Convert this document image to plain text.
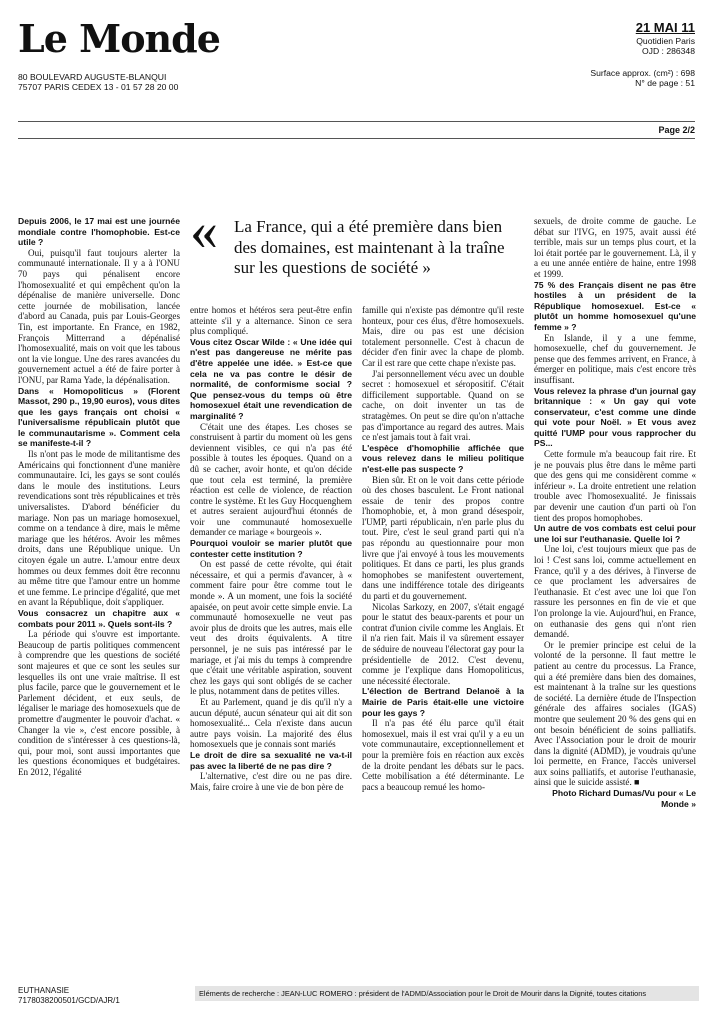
Le Monde
80 BOULEVARD AUGUSTE-BLANQUI
75707 PARIS CEDEX 13 - 01 57 28 20 00
21 MAI 11
Quotidien Paris
OJD : 286348
Surface approx. (cm²) : 698
N° de page : 51
Page 2/2
« La France, qui a été première dans bien des domaines, est maintenant à la traîne sur les questions de société »

Depuis 2006, le 17 mai est une journée mondiale contre l'homophobie. Est-ce utile ?

Oui, puisqu'il faut toujours alerter la communauté internationale. Il y a à l'ONU 70 pays qui pénalisent encore l'homosexualité et qui empêchent qu'on la dépénalise de manière universelle. Donc cette journée de mobilisation, lancée d'abord au Canada, puis par Louis-Georges Tin, est importante. En France, en 1982, François Mitterrand a dépénalisé l'homosexualité, mais on voit que les tabous ont la vie longue. Une des rares avancées du gouvernement actuel a été de faire porter à l'ONU, par Rama Yade, la dépénalisation.

Dans « Homopoliticus » (Florent Massot, 290 p., 19,90 euros), vous dites que les gays français ont choisi « l'universalisme républicain plutôt que le communautarisme ». Comment cela se manifeste-t-il ?

Ils n'ont pas le mode de militantisme des Américains qui fonctionnent d'une manière communautaire. Ici, les gays se sont coulés dans le moule des institutions. Leurs revendications sont très républicaines et très universalistes. D'abord bénéficier du mariage. Non pas un mariage homosexuel, comme on a tendance à dire, mais le même mariage que les hétéros. Avoir les mêmes droits, dans une République unique. Un citoyen égale un autre. L'amour entre deux hommes ou deux femmes doit être reconnu au même titre que l'amour entre un homme et une femme. Le principe d'égalité, que met en avant la République, doit s'appliquer.

Vous consacrez un chapitre aux « combats pour 2011 ». Quels sont-ils ?

La période qui s'ouvre est importante. Beaucoup de partis politiques commencent à comprendre que les questions de société sont majeures et que ce sont les seules sur lesquelles ils ont une vraie maîtrise. Il est plus facile, parce que le gouvernement et le Parlement décident, et eux seuls, de légaliser le mariage des homosexuels que de promettre d'augmenter le pouvoir d'achat. « Changer la vie », c'est encore possible, à condition de s'intéresser à ces questions-là, qui, pour moi, sont aussi importantes que les questions économiques et budgétaires. En 2012, l'égalité

entre homos et hétéros sera peut-être enfin atteinte s'il y a alternance. Sinon ce sera plus compliqué.

Vous citez Oscar Wilde : « Une idée qui n'est pas dangereuse ne mérite pas d'être appelée une idée. » Est-ce que cela ne va pas contre le désir de normalité, de conformisme social ? Que pensez-vous du temps où être homosexuel était une revendication de marginalité ?

C'était une des étapes. Les choses se construisent à partir du moment où les gens deviennent visibles, ce qui n'a pas été possible à toutes les époques. Quand on a dû se cacher, avoir honte, et qu'on décide que tout cela est terminé, la première réaction est celle de violence, de réaction contre le système. Et les Guy Hocquenghem et autres seraient aujourd'hui étonnés de voir une communauté homosexuelle demander ce mariage « bourgeois ».

Pourquoi vouloir se marier plutôt que contester cette institution ?

On est passé de cette révolte, qui était nécessaire, et qui a permis d'avancer, à « comment faire pour être comme tout le monde ». A un moment, une fois la société apaisée, on peut avoir cette simple envie. La communauté homosexuelle ne veut pas avoir plus de droits que les autres, mais elle veut des droits équivalents. A titre personnel, je ne suis pas intéressé par le mariage, et j'ai mis du temps à comprendre que c'était une véritable aspiration, souvent chez les gays qui sont obligés de se cacher le plus, notamment dans de petites villes.

Et au Parlement, quand je dis qu'il n'y a aucun député, aucun sénateur qui ait dit son homosexualité... Cela n'existe dans aucun autre pays voisin. La majorité des élus homosexuels que je connais sont mariés

Le droit de dire sa sexualité ne va-t-il pas avec la liberté de ne pas dire ?

L'alternative, c'est dire ou ne pas dire. Mais, faire croire à une vie de bon père de

famille qui n'existe pas démontre qu'il reste honteux, pour ces élus, d'être homosexuels. Mais, dire ou pas est une décision totalement personnelle. C'est à chacun de décider d'en finir avec la chape de plomb. Car il est rare que cette chape n'existe pas.

J'ai personnellement vécu avec un double secret : homosexuel et séropositif. C'était difficilement supportable. Quand on se cache, on doit inventer un tas de stratagèmes. On peut se dire qu'on n'attache pas d'importance au regard des autres. Mais ce n'est jamais tout à fait vrai.

L'espèce d'homophilie affichée que vous relevez dans le milieu politique n'est-elle pas suspecte ?

Bien sûr. Et on le voit dans cette période où des choses basculent. Le Front national essaie de tenir des propos contre l'homophobie, et, à mon grand désespoir, l'UMP, parti républicain, n'en parle plus du tout. Pire, c'est le seul grand parti qui n'a pas répondu au questionnaire pour mon livre que j'ai envoyé à tous les mouvements politiques. Et dans ce parti, les plus grands homophobes se manifestent ouvertement, dans une indifférence totale des dirigeants du parti et du gouvernement.

Nicolas Sarkozy, en 2007, s'était engagé pour le statut des beaux-parents et pour un contrat d'union civile comme les Anglais. Et il n'a rien fait. Mais il va sûrement essayer de séduire de nouveau l'électorat gay pour la présidentielle de 2012. C'est devenu, comme je l'explique dans Homopoliticus, une nécessité électorale.

L'élection de Bertrand Delanoë à la Mairie de Paris était-elle une victoire pour les gays ?

Il n'a pas été élu parce qu'il était homosexuel, mais il est vrai qu'il y a eu un vote communautaire, exceptionnellement et pour la première fois en réaction aux excès de la droite pendant les débats sur le pacs. Cette mobilisation a été déterminante. Le pacs a beaucoup remué les homo-

sexuels, de droite comme de gauche. Le débat sur l'IVG, en 1975, avait aussi été terrible, mais sur un temps plus court, et la loi était portée par le gouvernement. Là, il y a eu une année entière de haine, entre 1998 et 1999.

75 % des Français disent ne pas être hostiles à un président de la République homosexuel. Est-ce « plutôt un homme homosexuel qu'une femme » ?

En Islande, il y a une femme, homosexuelle, chef du gouvernement. Je pense que des femmes arrivent, en France, à émerger en politique, mais c'est encore très insuffisant.

Vous relevez la phrase d'un journal gay britannique : « Un gay qui vote conservateur, c'est comme une dinde qui vote pour Noël. » Et vous avez quitté l'UMP pour vous rapprocher du PS...

Cette formule m'a beaucoup fait rire. Et je ne pouvais plus être dans le même parti que des gens qui me considèrent comme « inférieur ». La droite entretient une relation trouble avec l'homosexualité. Je finissais par devenir une caution d'un parti où l'on tient des propos homophobes.

Un autre de vos combats est celui pour une loi sur l'euthanasie. Quelle loi ?

Une loi, c'est toujours mieux que pas de loi ! C'est sans loi, comme actuellement en France, qu'il y a des dérives, à l'inverse de ce que proclament les adversaires de l'euthanasie. Et c'est avec une loi que l'on rassure les personnes en fin de vie et que l'on prolonge la vie. Aujourd'hui, en France, on euthanasie des gens qui n'ont rien demandé.

Or le premier principe est celui de la volonté de la personne. Il faut mettre le patient au centre du processus. La France, qui a été première dans bien des domaines, est maintenant à la traîne sur les questions de société. La dernière étude de l'Inspection générale des affaires sociales (IGAS) montre que seulement 20 % des gens qui en ont besoin bénéficient de soins palliatifs. Avec l'Association pour le droit de mourir dans la dignité (ADMD), je voudrais qu'une loi permette, en France, l'accès universel aux soins palliatifs, et autorise l'euthanasie, ainsi que le suicide assisté. ■

Photo Richard Dumas/Vu pour « Le Monde »

EUTHANASIE
7178038200501/GCD/AJR/1
Eléments de recherche : JEAN-LUC ROMERO : président de l'ADMD/Association pour le Droit de Mourir dans la Dignité, toutes citations
